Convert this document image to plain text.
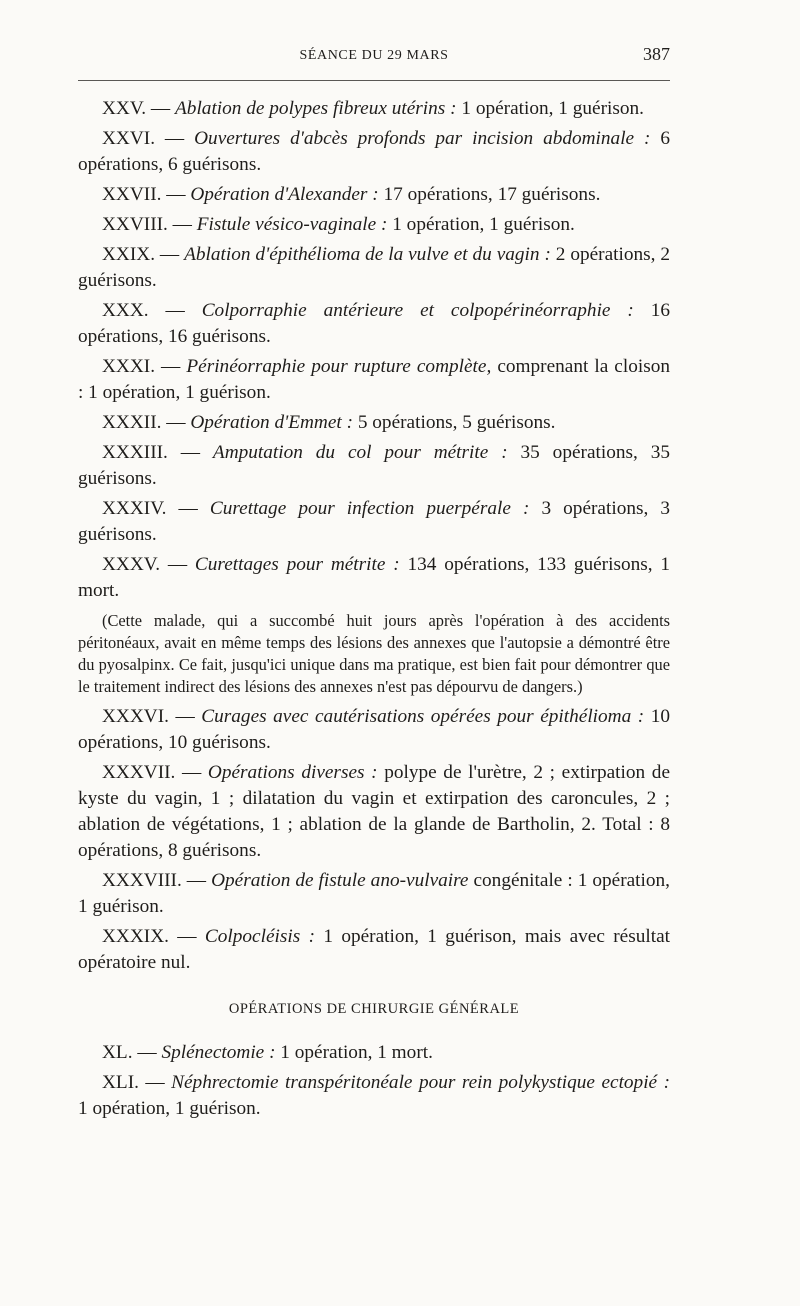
SÉANCE DU 29 MARS	387

XXV. — Ablation de polypes fibreux utérins : 1 opération, 1 guérison.

XXVI. — Ouvertures d'abcès profonds par incision abdominale : 6 opérations, 6 guérisons.

XXVII. — Opération d'Alexander : 17 opérations, 17 guérisons.

XXVIII. — Fistule vésico-vaginale : 1 opération, 1 guérison.

XXIX. — Ablation d'épithélioma de la vulve et du vagin : 2 opérations, 2 guérisons.

XXX. — Colporraphie antérieure et colpopérinéorraphie : 16 opérations, 16 guérisons.

XXXI. — Périnéorraphie pour rupture complète, comprenant la cloison : 1 opération, 1 guérison.

XXXII. — Opération d'Emmet : 5 opérations, 5 guérisons.

XXXIII. — Amputation du col pour métrite : 35 opérations, 35 guérisons.

XXXIV. — Curettage pour infection puerpérale : 3 opérations, 3 guérisons.

XXXV. — Curettages pour métrite : 134 opérations, 133 guérisons, 1 mort.

(Cette malade, qui a succombé huit jours après l'opération à des accidents péritonéaux, avait en même temps des lésions des annexes que l'autopsie a démontré être du pyosalpinx. Ce fait, jusqu'ici unique dans ma pratique, est bien fait pour démontrer que le traitement indirect des lésions des annexes n'est pas dépourvu de dangers.)

XXXVI. — Curages avec cautérisations opérées pour épithélioma : 10 opérations, 10 guérisons.

XXXVII. — Opérations diverses : polype de l'urètre, 2 ; extirpation de kyste du vagin, 1 ; dilatation du vagin et extirpation des caroncules, 2 ; ablation de végétations, 1 ; ablation de la glande de Bartholin, 2. Total : 8 opérations, 8 guérisons.

XXXVIII. — Opération de fistule ano-vulvaire congénitale : 1 opération, 1 guérison.

XXXIX. — Colpocléisis : 1 opération, 1 guérison, mais avec résultat opératoire nul.

OPÉRATIONS DE CHIRURGIE GÉNÉRALE

XL. — Splénectomie : 1 opération, 1 mort.

XLI. — Néphrectomie transpéritonéale pour rein polykystique ectopié : 1 opération, 1 guérison.
